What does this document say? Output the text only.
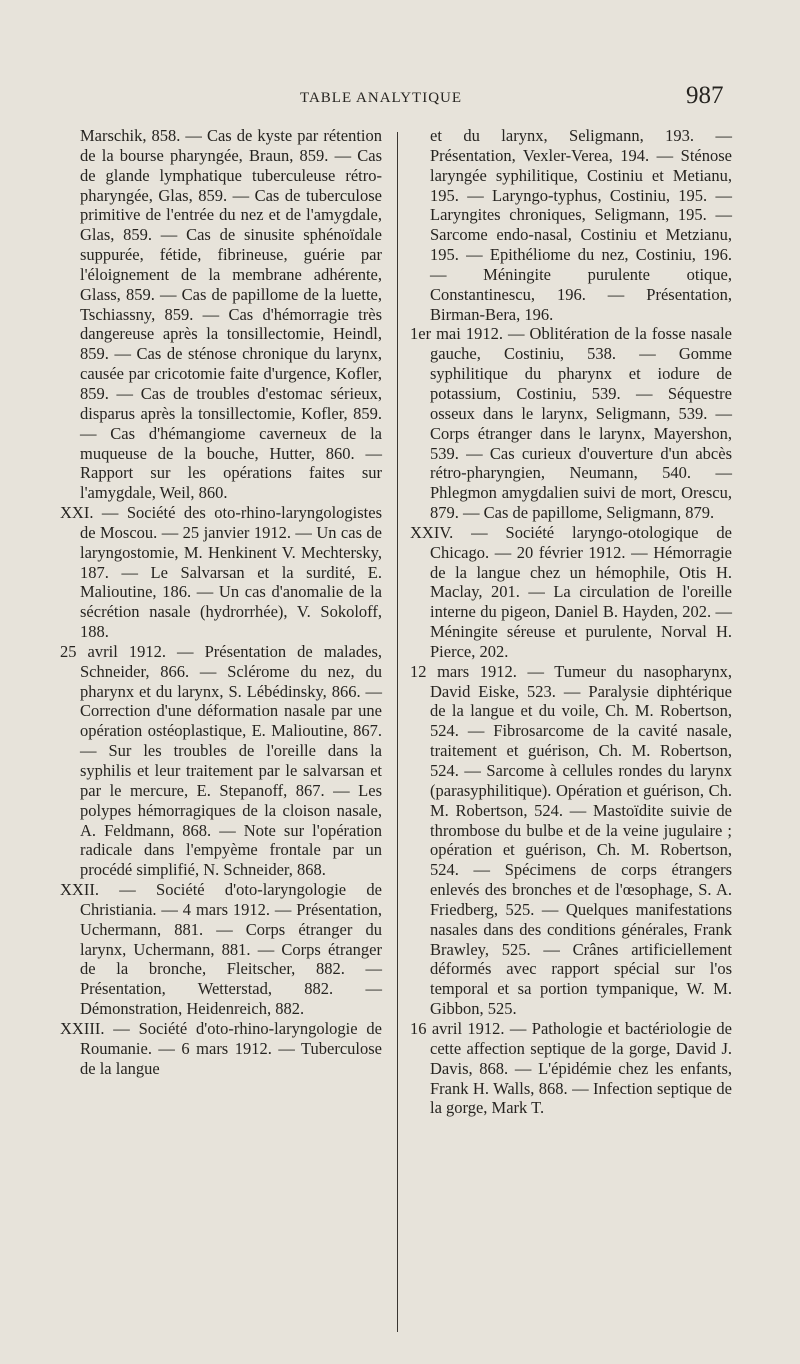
TABLE ANALYTIQUE	987

Marschik, 858. — Cas de kyste par rétention de la bourse pharyngée, Braun, 859. — Cas de glande lymphatique tuberculeuse rétro-pharyngée, Glas, 859. — Cas de tuberculose primitive de l'entrée du nez et de l'amygdale, Glas, 859. — Cas de sinusite sphénoïdale suppurée, fétide, fibrineuse, guérie par l'éloignement de la membrane adhérente, Glass, 859. — Cas de papillome de la luette, Tschiassny, 859. — Cas d'hémorragie très dangereuse après la tonsillectomie, Heindl, 859. — Cas de sténose chronique du larynx, causée par cricotomie faite d'urgence, Kofler, 859. — Cas de troubles d'estomac sérieux, disparus après la tonsillectomie, Kofler, 859. — Cas d'hémangiome caverneux de la muqueuse de la bouche, Hutter, 860. — Rapport sur les opérations faites sur l'amygdale, Weil, 860.

XXI. — Société des oto-rhino-laryngologistes de Moscou. — 25 janvier 1912. — Un cas de laryngostomie, M. Henkinent V. Mechtersky, 187. — Le Salvarsan et la surdité, E. Malioutine, 186. — Un cas d'anomalie de la sécrétion nasale (hydrorrhée), V. Sokoloff, 188.

25 avril 1912. — Présentation de malades, Schneider, 866. — Sclérome du nez, du pharynx et du larynx, S. Lébédinsky, 866. — Correction d'une déformation nasale par une opération ostéoplastique, E. Malioutine, 867. — Sur les troubles de l'oreille dans la syphilis et leur traitement par le salvarsan et par le mercure, E. Stepanoff, 867. — Les polypes hémorragiques de la cloison nasale, A. Feldmann, 868. — Note sur l'opération radicale dans l'empyème frontale par un procédé simplifié, N. Schneider, 868.

XXII. — Société d'oto-laryngologie de Christiania. — 4 mars 1912. — Présentation, Uchermann, 881. — Corps étranger du larynx, Uchermann, 881. — Corps étranger de la bronche, Fleitscher, 882. — Présentation, Wetterstad, 882. — Démonstration, Heidenreich, 882.

XXIII. — Société d'oto-rhino-laryngologie de Roumanie. — 6 mars 1912. — Tuberculose de la langue

et du larynx, Seligmann, 193. — Présentation, Vexler-Verea, 194. — Sténose laryngée syphilitique, Costiniu et Metianu, 195. — Laryngo-typhus, Costiniu, 195. — Laryngites chroniques, Seligmann, 195. — Sarcome endo-nasal, Costiniu et Metzianu, 195. — Epithéliome du nez, Costiniu, 196. — Méningite purulente otique, Constantinescu, 196. — Présentation, Birman-Bera, 196.

1er mai 1912. — Oblitération de la fosse nasale gauche, Costiniu, 538. — Gomme syphilitique du pharynx et iodure de potassium, Costiniu, 539. — Séquestre osseux dans le larynx, Seligmann, 539. — Corps étranger dans le larynx, Mayershon, 539. — Cas curieux d'ouverture d'un abcès rétro-pharyngien, Neumann, 540. — Phlegmon amygdalien suivi de mort, Orescu, 879. — Cas de papillome, Seligmann, 879.

XXIV. — Société laryngo-otologique de Chicago. — 20 février 1912. — Hémorragie de la langue chez un hémophile, Otis H. Maclay, 201. — La circulation de l'oreille interne du pigeon, Daniel B. Hayden, 202. — Méningite séreuse et purulente, Norval H. Pierce, 202.

12 mars 1912. — Tumeur du nasopharynx, David Eiske, 523. — Paralysie diphtérique de la langue et du voile, Ch. M. Robertson, 524. — Fibrosarcome de la cavité nasale, traitement et guérison, Ch. M. Robertson, 524. — Sarcome à cellules rondes du larynx (parasyphilitique). Opération et guérison, Ch. M. Robertson, 524. — Mastoïdite suivie de thrombose du bulbe et de la veine jugulaire ; opération et guérison, Ch. M. Robertson, 524. — Spécimens de corps étrangers enlevés des bronches et de l'œsophage, S. A. Friedberg, 525. — Quelques manifestations nasales dans des conditions générales, Frank Brawley, 525. — Crânes artificiellement déformés avec rapport spécial sur l'os temporal et sa portion tympanique, W. M. Gibbon, 525.

16 avril 1912. — Pathologie et bactériologie de cette affection septique de la gorge, David J. Davis, 868. — L'épidémie chez les enfants, Frank H. Walls, 868. — Infection septique de la gorge, Mark T.
